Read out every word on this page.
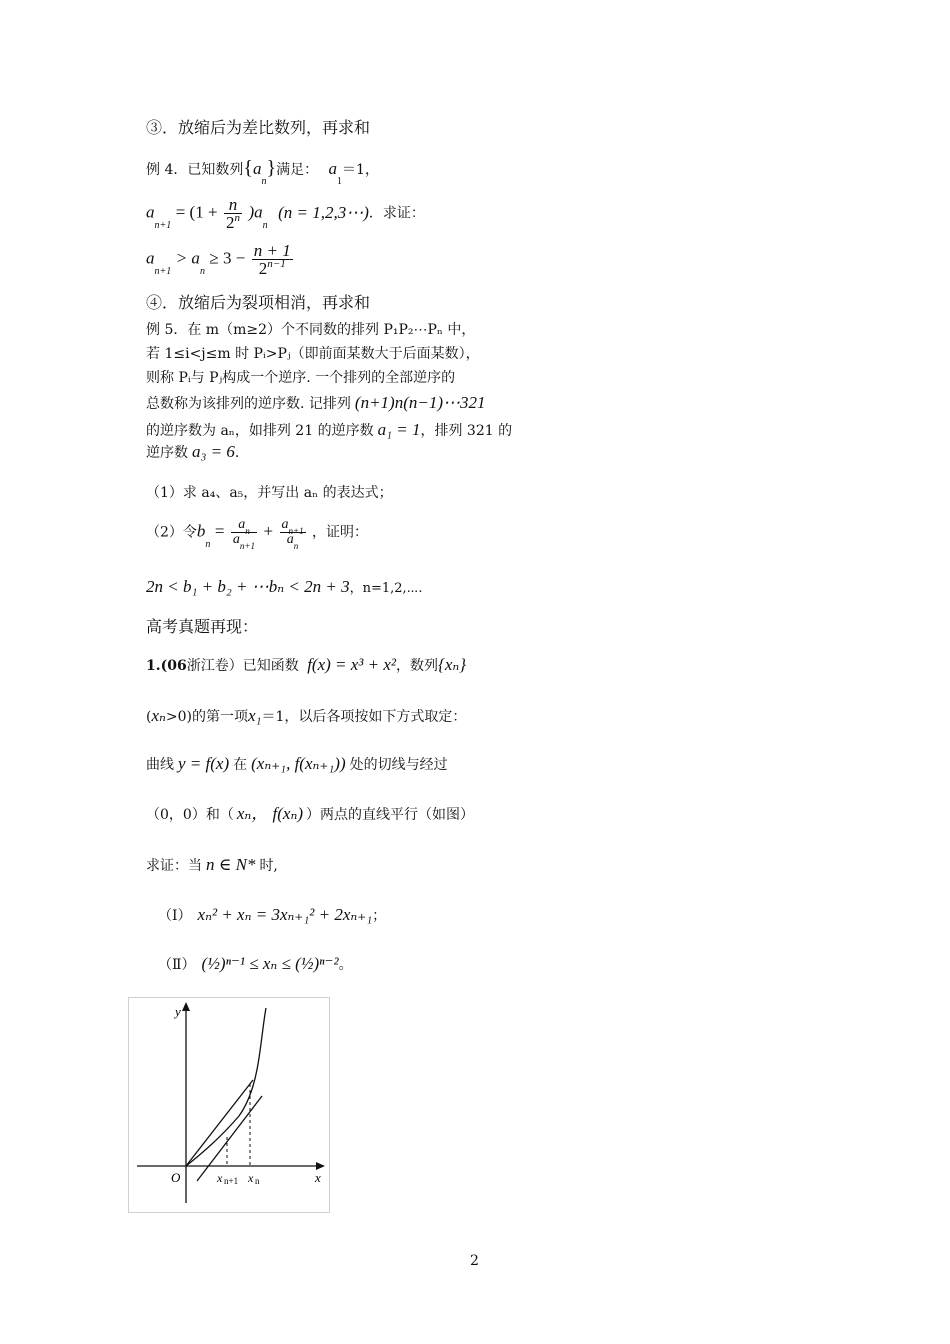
③．放缩后为差比数列，再求和
例 4．已知数列$\{a_n\}$满足： $a_1=1$，
$a_{n+1} = (1 + \frac{n}{2^n} )a_n$ (n = 1,2,3⋯)．求证：
$a_{n+1} > a_n \ge 3 - \frac{n + 1}{2^{n-1}}$
④．放缩后为裂项相消，再求和
例 5．在 m（m≥2）个不同数的排列 P₁P₂⋯Pₙ 中，
若 1≤i<j≤m 时 Pᵢ>Pⱼ（即前面某数大于后面某数），
则称 Pᵢ与 Pⱼ构成一个逆序. 一个排列的全部逆序的
总数称为该排列的逆序数. 记排列 (n+1)n(n−1)⋯321
的逆序数为 aₙ，如排列 21 的逆序数 a₁ = 1，排列 321 的
逆序数 a₃ = 6．
（1）求 a₄、a₅，并写出 aₙ 的表达式；
（2）令$b_n = \frac{a_n}{a_{n+1}} + \frac{a_{n+1}}{a_n}$ ，证明：
2n < b₁ + b₂ + ⋯bₙ < 2n + 3，n=1,2,⋯.
高考真题再现：
1.(06浙江卷）已知函数 f(x) = x³ + x²，数列{xₙ}
(xₙ>0)的第一项x₁＝1，以后各项按如下方式取定：
曲线 y = f(x) 在 (xₙ₊₁, f(xₙ₊₁)) 处的切线与经过
（0，0）和（ xₙ， f(xₙ) ）两点的直线平行（如图）
求证：当 n ∈ N* 时,
（Ⅰ） xₙ² + xₙ = 3xₙ₊₁² + 2xₙ₊₁；
（Ⅱ） (½)ⁿ⁻¹ ≤ xₙ ≤ (½)ⁿ⁻²。
y
x
O	x n+1 x n
2
